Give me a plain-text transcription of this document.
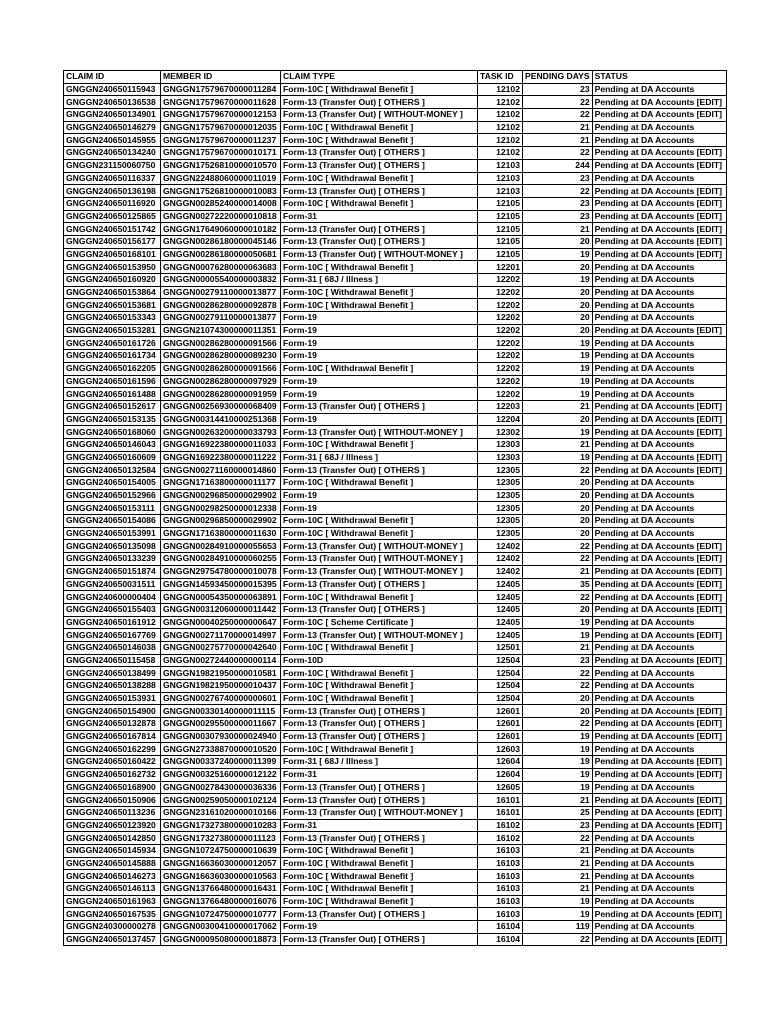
CLAIM ID	MEMBER ID	CLAIM TYPE	TASK ID	PENDING DAYS	STATUS
GNGGN240650115943	GNGGN17579670000011284	Form-10C [ Withdrawal Benefit ]	12102	23	Pending at DA Accounts
GNGGN240650136538	GNGGN17579670000011628	Form-13 (Transfer Out) [ OTHERS ]	12102	22	Pending at DA Accounts [EDIT]
GNGGN240650134901	GNGGN17579670000012153	Form-13 (Transfer Out) [ WITHOUT-MONEY ]	12102	22	Pending at DA Accounts [EDIT]
GNGGN240650146279	GNGGN17579670000012035	Form-10C [ Withdrawal Benefit ]	12102	21	Pending at DA Accounts
GNGGN240650145955	GNGGN17579670000011237	Form-10C [ Withdrawal Benefit ]	12102	21	Pending at DA Accounts
GNGGN240650134240	GNGGN17579670000010171	Form-13 (Transfer Out) [ OTHERS ]	12102	22	Pending at DA Accounts [EDIT]
GNGGN231150060750	GNGGN17526810000010570	Form-13 (Transfer Out) [ OTHERS ]	12103	244	Pending at DA Accounts [EDIT]
GNGGN240650116337	GNGGN22488060000011019	Form-10C [ Withdrawal Benefit ]	12103	23	Pending at DA Accounts
GNGGN240650136198	GNGGN17526810000010083	Form-13 (Transfer Out) [ OTHERS ]	12103	22	Pending at DA Accounts [EDIT]
GNGGN240650116920	GNGGN00285240000014008	Form-10C [ Withdrawal Benefit ]	12105	23	Pending at DA Accounts [EDIT]
GNGGN240650125865	GNGGN00272220000010818	Form-31	12105	23	Pending at DA Accounts [EDIT]
GNGGN240650151742	GNGGN17649060000010182	Form-13 (Transfer Out) [ OTHERS ]	12105	21	Pending at DA Accounts [EDIT]
GNGGN240650156177	GNGGN00286180000045146	Form-13 (Transfer Out) [ OTHERS ]	12105	20	Pending at DA Accounts [EDIT]
GNGGN240650168101	GNGGN00286180000050681	Form-13 (Transfer Out) [ WITHOUT-MONEY ]	12105	19	Pending at DA Accounts [EDIT]
GNGGN240650153950	GNGGN00076280000063683	Form-10C [ Withdrawal Benefit ]	12201	20	Pending at DA Accounts
GNGGN240650160920	GNGGN00005540000003832	Form-31 [ 68J / Illness ]	12202	19	Pending at DA Accounts
GNGGN240650153864	GNGGN00279110000013877	Form-10C [ Withdrawal Benefit ]	12202	20	Pending at DA Accounts
GNGGN240650153681	GNGGN00286280000092878	Form-10C [ Withdrawal Benefit ]	12202	20	Pending at DA Accounts
GNGGN240650153343	GNGGN00279110000013877	Form-19	12202	20	Pending at DA Accounts
GNGGN240650153281	GNGGN21074300000011351	Form-19	12202	20	Pending at DA Accounts [EDIT]
GNGGN240650161726	GNGGN00286280000091566	Form-19	12202	19	Pending at DA Accounts
GNGGN240650161734	GNGGN00286280000089230	Form-19	12202	19	Pending at DA Accounts
GNGGN240650162205	GNGGN00286280000091566	Form-10C [ Withdrawal Benefit ]	12202	19	Pending at DA Accounts
GNGGN240650161596	GNGGN00286280000097929	Form-19	12202	19	Pending at DA Accounts
GNGGN240650161488	GNGGN00286280000091959	Form-19	12202	19	Pending at DA Accounts
GNGGN240650152617	GNGGN00256930000068409	Form-13 (Transfer Out) [ OTHERS ]	12203	21	Pending at DA Accounts [EDIT]
GNGGN240650153135	GNGGN00314410000251368	Form-19	12204	20	Pending at DA Accounts [EDIT]
GNGGN240650168060	GNGGN00263200000033793	Form-13 (Transfer Out) [ WITHOUT-MONEY ]	12302	19	Pending at DA Accounts [EDIT]
GNGGN240650146043	GNGGN16922380000011033	Form-10C [ Withdrawal Benefit ]	12303	21	Pending at DA Accounts
GNGGN240650160609	GNGGN16922380000011222	Form-31 [ 68J / Illness ]	12303	19	Pending at DA Accounts [EDIT]
GNGGN240650132584	GNGGN00271160000014860	Form-13 (Transfer Out) [ OTHERS ]	12305	22	Pending at DA Accounts [EDIT]
GNGGN240650154005	GNGGN17163800000011177	Form-10C [ Withdrawal Benefit ]	12305	20	Pending at DA Accounts
GNGGN240650152966	GNGGN00296850000029902	Form-19	12305	20	Pending at DA Accounts
GNGGN240650153111	GNGGN00298250000012338	Form-19	12305	20	Pending at DA Accounts
GNGGN240650154086	GNGGN00296850000029902	Form-10C [ Withdrawal Benefit ]	12305	20	Pending at DA Accounts
GNGGN240650153991	GNGGN17163800000011630	Form-10C [ Withdrawal Benefit ]	12305	20	Pending at DA Accounts
GNGGN240650135098	GNGGN00284910000055653	Form-13 (Transfer Out) [ WITHOUT-MONEY ]	12402	22	Pending at DA Accounts [EDIT]
GNGGN240650133239	GNGGN00284910000060255	Form-13 (Transfer Out) [ WITHOUT-MONEY ]	12402	22	Pending at DA Accounts [EDIT]
GNGGN240650151874	GNGGN29754780000010078	Form-13 (Transfer Out) [ WITHOUT-MONEY ]	12402	21	Pending at DA Accounts [EDIT]
GNGGN240650031511	GNGGN14593450000015395	Form-13 (Transfer Out) [ OTHERS ]	12405	35	Pending at DA Accounts [EDIT]
GNGGN240600000404	GNGGN00054350000063891	Form-10C [ Withdrawal Benefit ]	12405	22	Pending at DA Accounts [EDIT]
GNGGN240650155403	GNGGN00312060000011442	Form-13 (Transfer Out) [ OTHERS ]	12405	20	Pending at DA Accounts [EDIT]
GNGGN240650161912	GNGGN00040250000000647	Form-10C [ Scheme Certificate ]	12405	19	Pending at DA Accounts
GNGGN240650167769	GNGGN00271170000014997	Form-13 (Transfer Out) [ WITHOUT-MONEY ]	12405	19	Pending at DA Accounts [EDIT]
GNGGN240650146038	GNGGN00275770000042640	Form-10C [ Withdrawal Benefit ]	12501	21	Pending at DA Accounts
GNGGN240650115458	GNGGN00272440000000114	Form-10D	12504	23	Pending at DA Accounts [EDIT]
GNGGN240650138499	GNGGN19821950000010581	Form-10C [ Withdrawal Benefit ]	12504	22	Pending at DA Accounts
GNGGN240650138288	GNGGN19821950000010437	Form-10C [ Withdrawal Benefit ]	12504	22	Pending at DA Accounts
GNGGN240650153931	GNGGN00276740000000601	Form-10C [ Withdrawal Benefit ]	12504	20	Pending at DA Accounts
GNGGN240650154900	GNGGN00330140000011115	Form-13 (Transfer Out) [ OTHERS ]	12601	20	Pending at DA Accounts [EDIT]
GNGGN240650132878	GNGGN00295500000011667	Form-13 (Transfer Out) [ OTHERS ]	12601	22	Pending at DA Accounts [EDIT]
GNGGN240650167814	GNGGN00307930000024940	Form-13 (Transfer Out) [ OTHERS ]	12601	19	Pending at DA Accounts [EDIT]
GNGGN240650162299	GNGGN27338870000010520	Form-10C [ Withdrawal Benefit ]	12603	19	Pending at DA Accounts
GNGGN240650160422	GNGGN00337240000011399	Form-31 [ 68J / Illness ]	12604	19	Pending at DA Accounts [EDIT]
GNGGN240650162732	GNGGN00325160000012122	Form-31	12604	19	Pending at DA Accounts [EDIT]
GNGGN240650168900	GNGGN00278430000036336	Form-13 (Transfer Out) [ OTHERS ]	12605	19	Pending at DA Accounts
GNGGN240650150906	GNGGN00259050000102124	Form-13 (Transfer Out) [ OTHERS ]	16101	21	Pending at DA Accounts [EDIT]
GNGGN240650113236	GNGGN23161020000010166	Form-13 (Transfer Out) [ WITHOUT-MONEY ]	16101	25	Pending at DA Accounts [EDIT]
GNGGN240650123920	GNGGN17327380000010283	Form-31	16102	23	Pending at DA Accounts [EDIT]
GNGGN240650142850	GNGGN17327380000011123	Form-13 (Transfer Out) [ OTHERS ]	16102	22	Pending at DA Accounts
GNGGN240650145934	GNGGN10724750000010639	Form-10C [ Withdrawal Benefit ]	16103	21	Pending at DA Accounts
GNGGN240650145888	GNGGN16636030000012057	Form-10C [ Withdrawal Benefit ]	16103	21	Pending at DA Accounts
GNGGN240650146273	GNGGN16636030000010563	Form-10C [ Withdrawal Benefit ]	16103	21	Pending at DA Accounts
GNGGN240650146113	GNGGN13766480000016431	Form-10C [ Withdrawal Benefit ]	16103	21	Pending at DA Accounts
GNGGN240650161963	GNGGN13766480000016076	Form-10C [ Withdrawal Benefit ]	16103	19	Pending at DA Accounts
GNGGN240650167535	GNGGN10724750000010777	Form-13 (Transfer Out) [ OTHERS ]	16103	19	Pending at DA Accounts [EDIT]
GNGGN240300000278	GNGGN00300410000017062	Form-19	16104	119	Pending at DA Accounts
GNGGN240650137457	GNGGN00095080000018873	Form-13 (Transfer Out) [ OTHERS ]	16104	22	Pending at DA Accounts [EDIT]
